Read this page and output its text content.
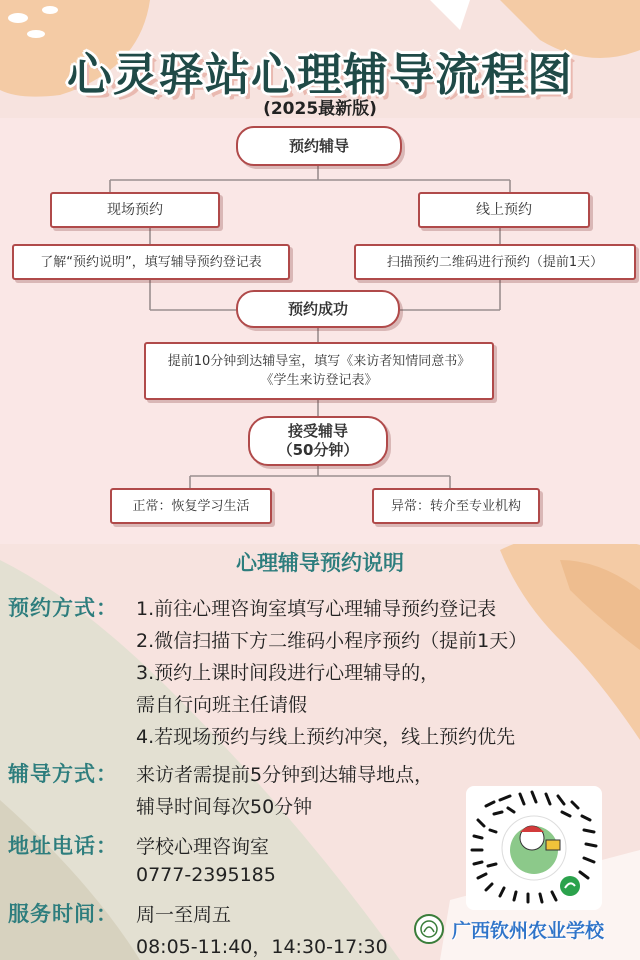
心灵驿站心理辅导流程图
(2025最新版)
预约辅导
现场预约	线上预约
了解“预约说明”，填写辅导预约登记表	扫描预约二维码进行预约（提前1天）
预约成功
提前10分钟到达辅导室，填写《来访者知情同意书》
《学生来访登记表》
接受辅导
（50分钟）
正常：恢复学习生活	异常：转介至专业机构
心理辅导预约说明
预约方式： 1.前往心理咨询室填写心理辅导预约登记表
2.微信扫描下方二维码小程序预约（提前1天）
3.预约上课时间段进行心理辅导的，
需自行向班主任请假
4.若现场预约与线上预约冲突，线上预约优先
辅导方式： 来访者需提前5分钟到达辅导地点，
辅导时间每次50分钟
地址电话： 学校心理咨询室
0777-2395185
服务时间： 周一至周五
08:05-11:40，14:30-17:30
广西钦州农业学校
